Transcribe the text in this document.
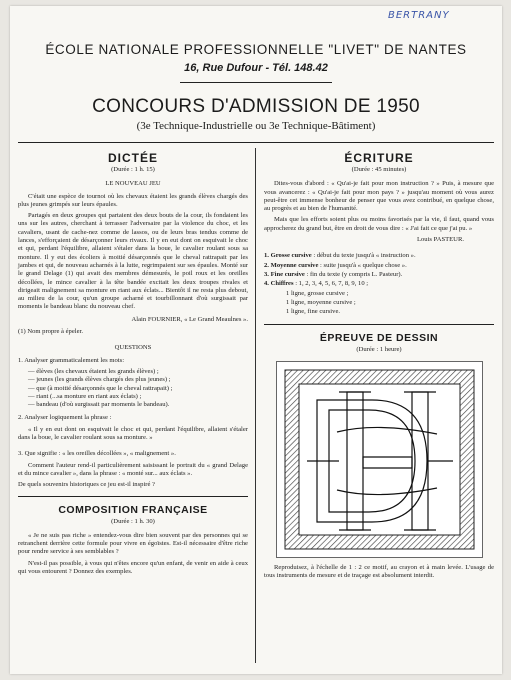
BERTRANY
ÉCOLE NATIONALE PROFESSIONNELLE "LIVET" DE NANTES
16, Rue Dufour - Tél. 148.42
CONCOURS D'ADMISSION DE 1950
(3e Technique-Industrielle ou 3e Technique-Bâtiment)
DICTÉE
(Durée : 1 h. 15)
LE NOUVEAU JEU

C'était une espèce de tournoi où les chevaux étaient les grands élèves chargés des plus jeunes grimpés sur leurs épaules.

Partagés en deux groupes qui partaient des deux bouts de la cour, ils fondaient les uns sur les autres, cherchant à terrasser l'adversaire par la violence du choc, et les cavaliers, usant de cache-nez comme de lassos, ou de leurs bras tendus comme de lances, s'efforçaient de désarçonner leurs rivaux. Il y en eut dont on esquivait le choc et qui, perdant l'équilibre, allaient s'étaler dans la boue, le cavalier roulant sous sa monture. Il y eut des écoliers à moitié désarçonnés que le cheval rattrapait par les jambes et qui, de nouveau acharnés à la lutte, regrimpaient sur ses épaules. Monté sur le grand Delage (1) qui avait des membres démesurés, le poil roux et les oreilles décollées, le mince cavalier à la tête bandée excitait les deux troupes rivales et dirigeait malignement sa monture en riant aux éclats... Bientôt il ne resta plus debout, au milieu de la cour, qu'un groupe acharné et tourbillonnant d'où surgissait par moments le bandeau blanc du nouveau chef.

Alain FOURNIER, « Le Grand Meaulnes ».

(1) Nom propre à épeler.

QUESTIONS

1. Analyser grammaticalement les mots:

— élèves (les chevaux étaient les grands élèves) ;
— jeunes (les grands élèves chargés des plus jeunes) ;
— que (à moitié désarçonnés que le cheval rattrapait) ;
— riant (...sa monture en riant aux éclats) ;
— bandeau (d'où surgissait par moments le bandeau).

2. Analyser logiquement la phrase :

« Il y en eut dont on esquivait le choc et qui, perdant l'équilibre, allaient s'étaler dans la boue, le cavalier roulant sous sa monture. »

3. Que signifie : « les oreilles décollées », « malignement ».

Comment l'auteur rend-il particulièrement saisissant le portrait du « grand Delage et du mince cavalier », dans la phrase : « monté sur... aux éclats ».

De quels souvenirs historiques ce jeu est-il inspiré ?

COMPOSITION FRANÇAISE
(Durée : 1 h. 30)

« Je ne suis pas riche » entendez-vous dire bien souvent par des personnes qui se retranchent derrière cette formule pour vivre en égoïstes. Est-il nécessaire d'être riche pour rendre service à ses semblables ?

N'est-il pas possible, à vous qui n'êtes encore qu'un enfant, de venir en aide à ceux qui vous entourent ? Donnez des exemples.

ÉCRITURE
(Durée : 45 minutes)

Dites-vous d'abord : « Qu'ai-je fait pour mon instruction ? » Puis, à mesure que vous avancerez : « Qu'ai-je fait pour mon pays ? » jusqu'au moment où vous aurez peut-être cet immense bonheur de penser que vous avez contribué, en quelque chose, au progrès et au bien de l'humanité.

Mais que les efforts soient plus ou moins favorisés par la vie, il faut, quand vous approcherez du grand but, être en droit de vous dire : « J'ai fait ce que j'ai pu. »

Louis PASTEUR.

1. Grosse cursive : début du texte jusqu'à « instruction ».
2. Moyenne cursive : suite jusqu'à « quelque chose ».
3. Fine cursive : fin du texte (y compris L. Pasteur).
4. Chiffres : 1, 2, 3, 4, 5, 6, 7, 8, 9, 10 ;
1 ligne, grosse cursive ;
1 ligne, moyenne cursive ;
1 ligne, fine cursive.
ÉPREUVE DE DESSIN
(Durée : 1 heure)

Reproduisez, à l'échelle de 1 : 2 ce motif, au crayon et à main levée. L'usage de tous instruments de mesure et de traçage est absolument interdit.
